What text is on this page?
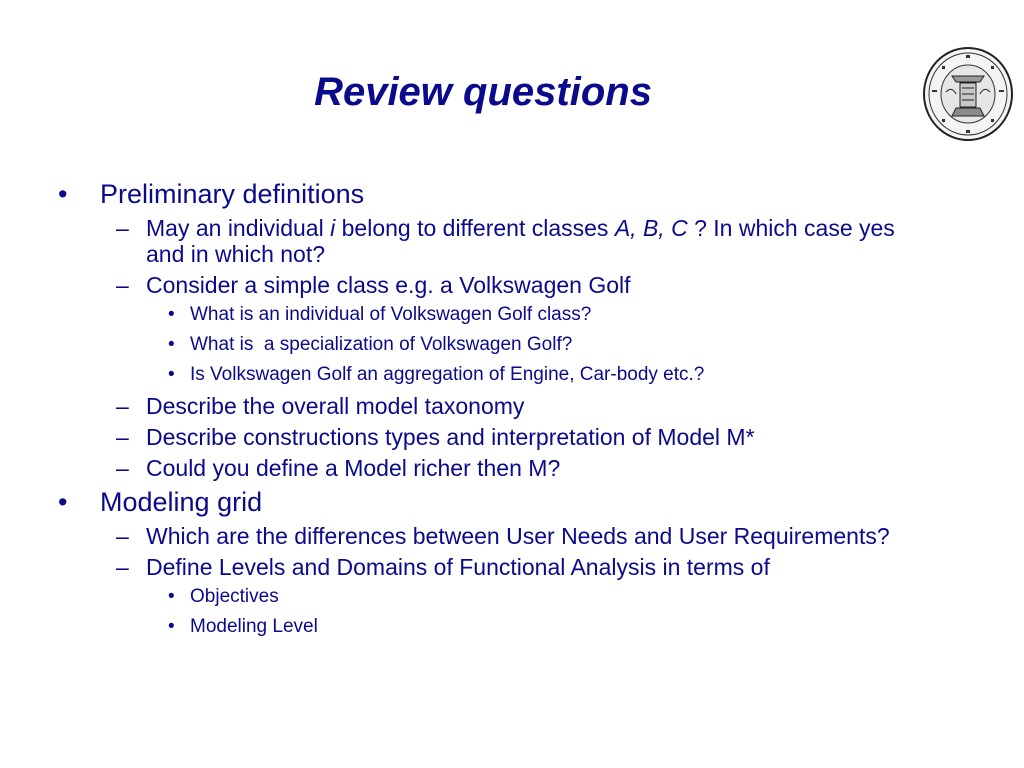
Review questions
• Preliminary definitions
– May an individual i belong to different classes A, B, C ? In which case yes and in which not?
– Consider a simple class e.g. a Volkswagen Golf
• What is an individual of Volkswagen Golf class?
• What is  a specialization of Volkswagen Golf?
• Is Volkswagen Golf an aggregation of Engine, Car-body etc.?
– Describe the overall model taxonomy
– Describe constructions types and interpretation of Model M*
– Could you define a Model richer then M?
• Modeling grid
– Which are the differences between User Needs and User Requirements?
– Define Levels and Domains of Functional Analysis in terms of
• Objectives
• Modeling Level
